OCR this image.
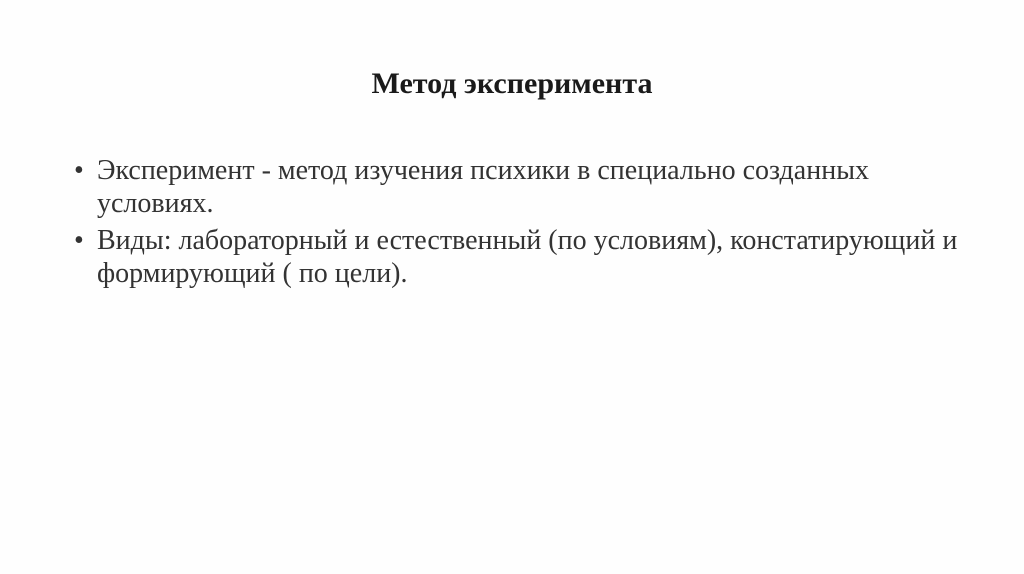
Метод эксперимента
• Эксперимент - метод изучения психики в специально созданных условиях.
• Виды: лабораторный и естественный (по условиям), констатирующий и формирующий ( по цели).
